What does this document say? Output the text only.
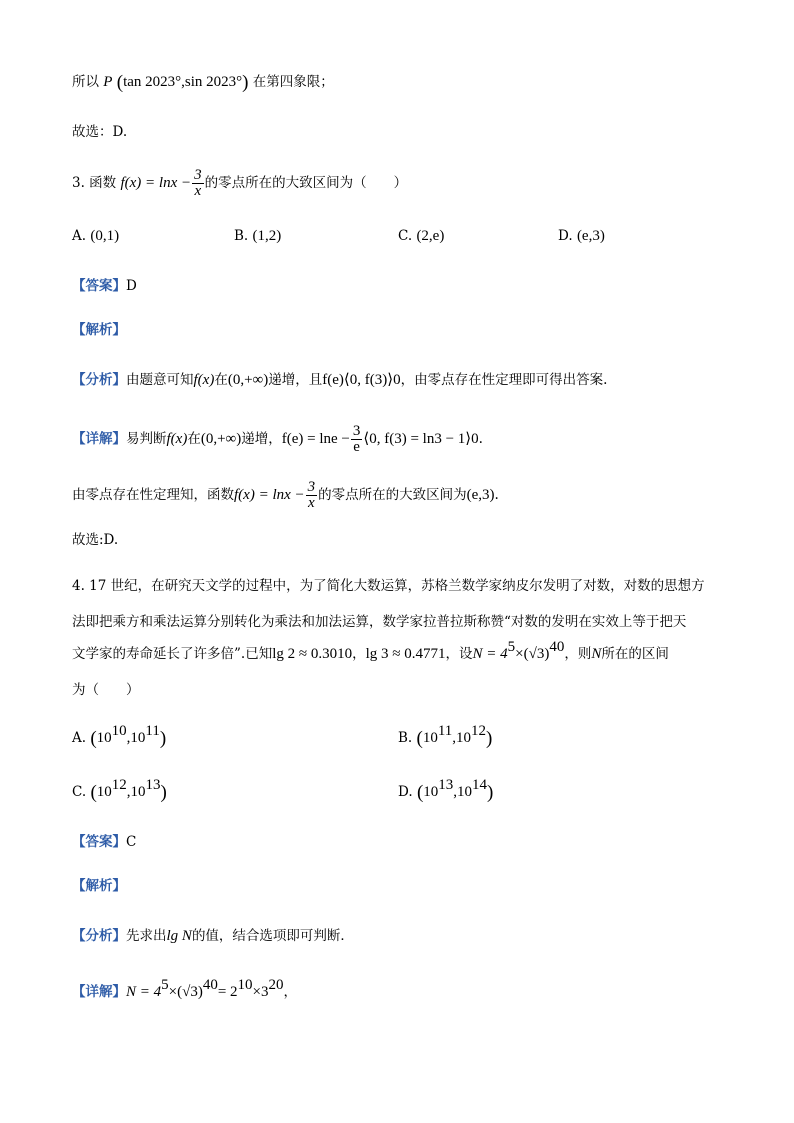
所以 P (tan 2023°,sin 2023°) 在第四象限；
故选：D.
3. 函数 $f(x) = \ln x - \frac{3}{x}$ 的零点所在的大致区间为（　　）
A. (0,1)	B. (1,2)	C. (2,e)	D. (e,3)
【答案】D
【解析】
【分析】由题意可知f(x)在(0,+∞)递增，且f(e)⟨0, f(3)⟩0，由零点存在性定理即可得出答案.
【详解】易判断f(x)在(0,+∞)递增，$f(e) = \ln e - \frac{3}{e}$ ⟨0, f(3) = ln3 − 1⟩0.
由零点存在性定理知，函数$f(x) = \ln x - \frac{3}{x}$ 的零点所在的大致区间为(e,3).
故选:D.
4. 17 世纪，在研究天文学的过程中，为了简化大数运算，苏格兰数学家纳皮尔发明了对数，对数的思想方
法即把乘方和乘法运算分别转化为乘法和加法运算，数学家拉普拉斯称赞“对数的发明在实效上等于把天
文学家的寿命延长了许多倍”.已知lg 2 ≈ 0.3010，lg 3 ≈ 0.4771，设$N = 4^5\times(√3)^{40}$，则N所在的区间
为（　　）
A. $(10^{10},10^{11})$	B. $(10^{11},10^{12})$
C. $(10^{12},10^{13})$	D. $(10^{13},10^{14})$
【答案】C
【解析】
【分析】先求出lg N的值，结合选项即可判断．
【详解】$N = 4^5\times(√3)^{40}= 2^{10}\times 3^{20}$，
